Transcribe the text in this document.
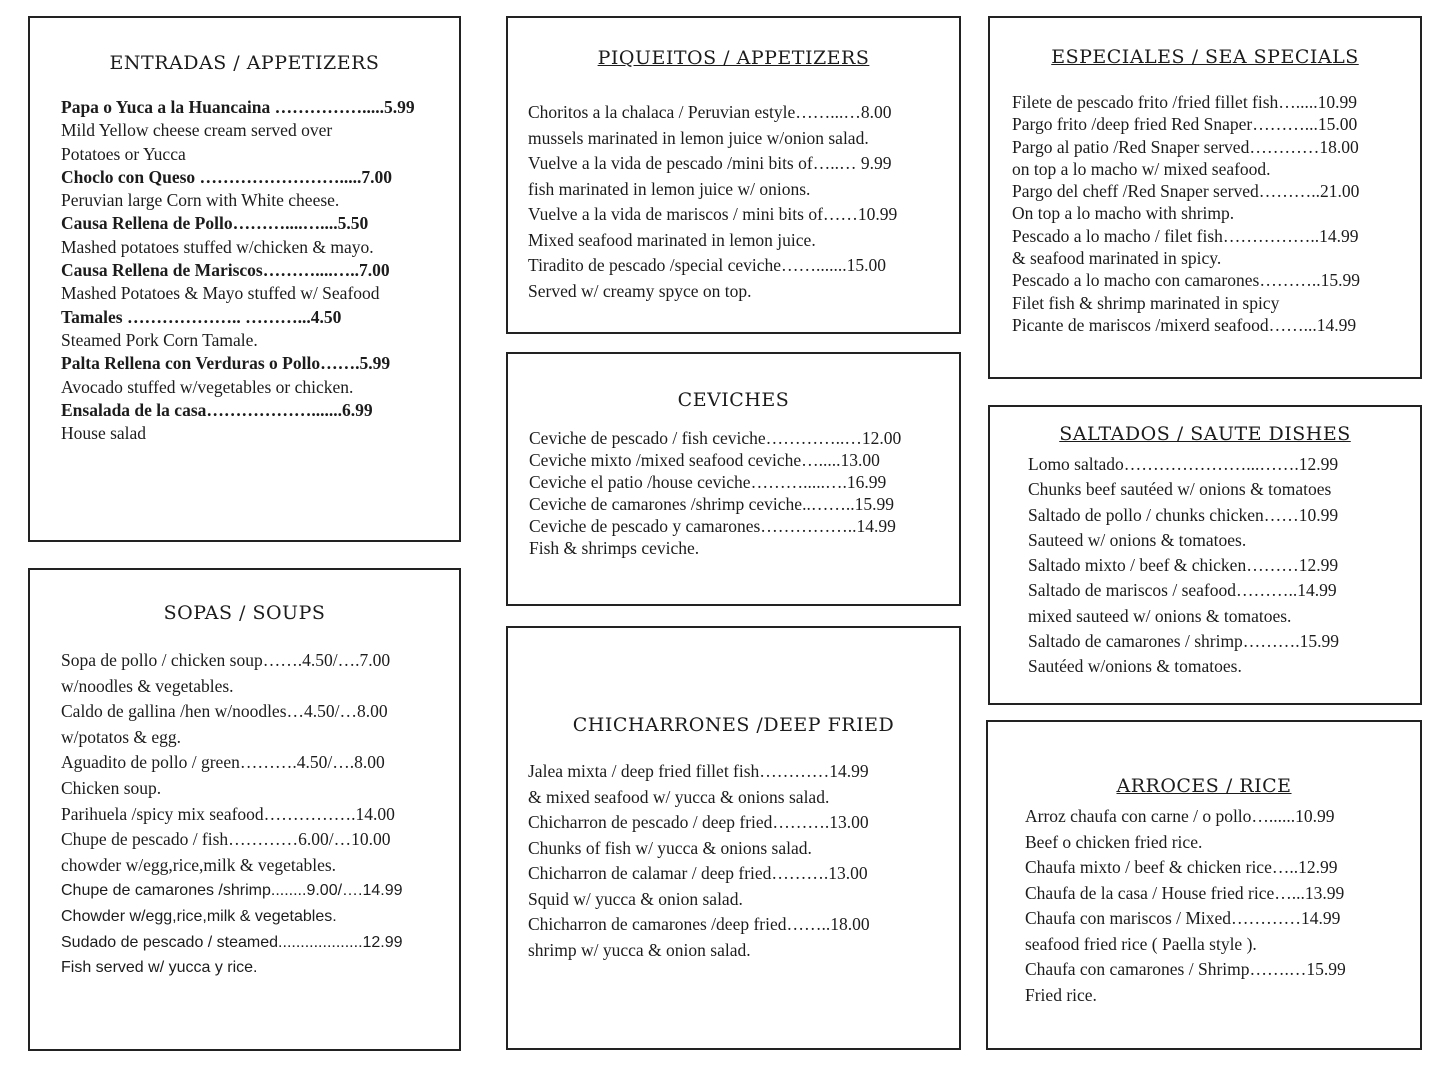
ENTRADAS / APPETIZERS
Papa o Yuca a la Huancaina …………….....5.99
Mild Yellow cheese cream served over
Potatoes or Yucca
Choclo con Queso …………………….....7.00
Peruvian large Corn with White cheese.
Causa Rellena de Pollo………....…....5.50
Mashed potatoes stuffed w/chicken & mayo.
Causa Rellena de Mariscos………....…..7.00
Mashed Potatoes & Mayo stuffed w/ Seafood
Tamales ……………….. ………...4.50
Steamed Pork Corn Tamale.
Palta Rellena con Verduras o Pollo…….5.99
Avocado stuffed w/vegetables or chicken.
Ensalada de la casa……………….......6.99
House salad
SOPAS / SOUPS
Sopa de pollo / chicken soup…….4.50/….7.00
w/noodles & vegetables.
Caldo de gallina /hen w/noodles…4.50/…8.00
w/potatos & egg.
Aguadito de pollo / green……….4.50/….8.00
Chicken soup.
Parihuela /spicy mix seafood…………….14.00
Chupe de pescado / fish…………6.00/…10.00
chowder w/egg,rice,milk & vegetables.
Chupe de camarones /shrimp........9.00/….14.99
Chowder w/egg,rice,milk & vegetables.
Sudado de pescado / steamed...................12.99
Fish served w/ yucca y rice.
PIQUEITOS / APPETIZERS
Choritos a la chalaca / Peruvian estyle……...…8.00
mussels marinated in lemon juice w/onion salad.
Vuelve a la vida de pescado /mini bits of…..… 9.99
fish marinated in lemon juice w/ onions.
Vuelve a la vida de mariscos / mini bits of……10.99
Mixed seafood marinated in lemon juice.
Tiradito de pescado /special ceviche…….......15.00
Served w/ creamy spyce on top.
CEVICHES
Ceviche de pescado / fish ceviche…………..…12.00
Ceviche mixto /mixed seafood ceviche….....13.00
Ceviche el patio /house ceviche……….....….16.99
Ceviche de camarones /shrimp ceviche..……..15.99
Ceviche de pescado y camarones……………..14.99
Fish & shrimps ceviche.
CHICHARRONES /DEEP FRIED
Jalea mixta / deep fried fillet fish…………14.99
& mixed seafood w/ yucca & onions salad.
Chicharron de pescado / deep fried……….13.00
Chunks of fish w/ yucca & onions salad.
Chicharron de calamar / deep fried……….13.00
Squid w/ yucca & onion salad.
Chicharron de camarones /deep fried……..18.00
shrimp w/ yucca & onion salad.
ESPECIALES / SEA SPECIALS
Filete de pescado frito /fried fillet fish….....10.99
Pargo frito /deep fried Red Snaper………...15.00
Pargo al patio /Red Snaper served…………18.00
on top a lo macho w/ mixed seafood.
Pargo del cheff /Red Snaper served………..21.00
On top a lo macho with shrimp.
Pescado a lo macho / filet fish……………..14.99
& seafood marinated in spicy.
Pescado a lo macho con camarones………..15.99
Filet fish & shrimp marinated in spicy
Picante de mariscos /mixerd seafood……...14.99
SALTADOS / SAUTE DISHES
Lomo saltado…………………...…….12.99
Chunks beef sautéed w/ onions & tomatoes
Saltado de pollo / chunks chicken……10.99
Sauteed w/ onions & tomatoes.
Saltado mixto / beef & chicken………12.99
Saltado de mariscos / seafood………..14.99
mixed sauteed w/ onions & tomatoes.
Saltado de camarones / shrimp……….15.99
Sautéed w/onions & tomatoes.
ARROCES / RICE
Arroz chaufa con carne / o pollo…......10.99
Beef o chicken fried rice.
Chaufa mixto / beef & chicken rice…..12.99
Chaufa de la casa / House fried rice…...13.99
Chaufa con mariscos / Mixed…………14.99
seafood fried rice ( Paella style ).
Chaufa con camarones / Shrimp…….…15.99
Fried rice.
